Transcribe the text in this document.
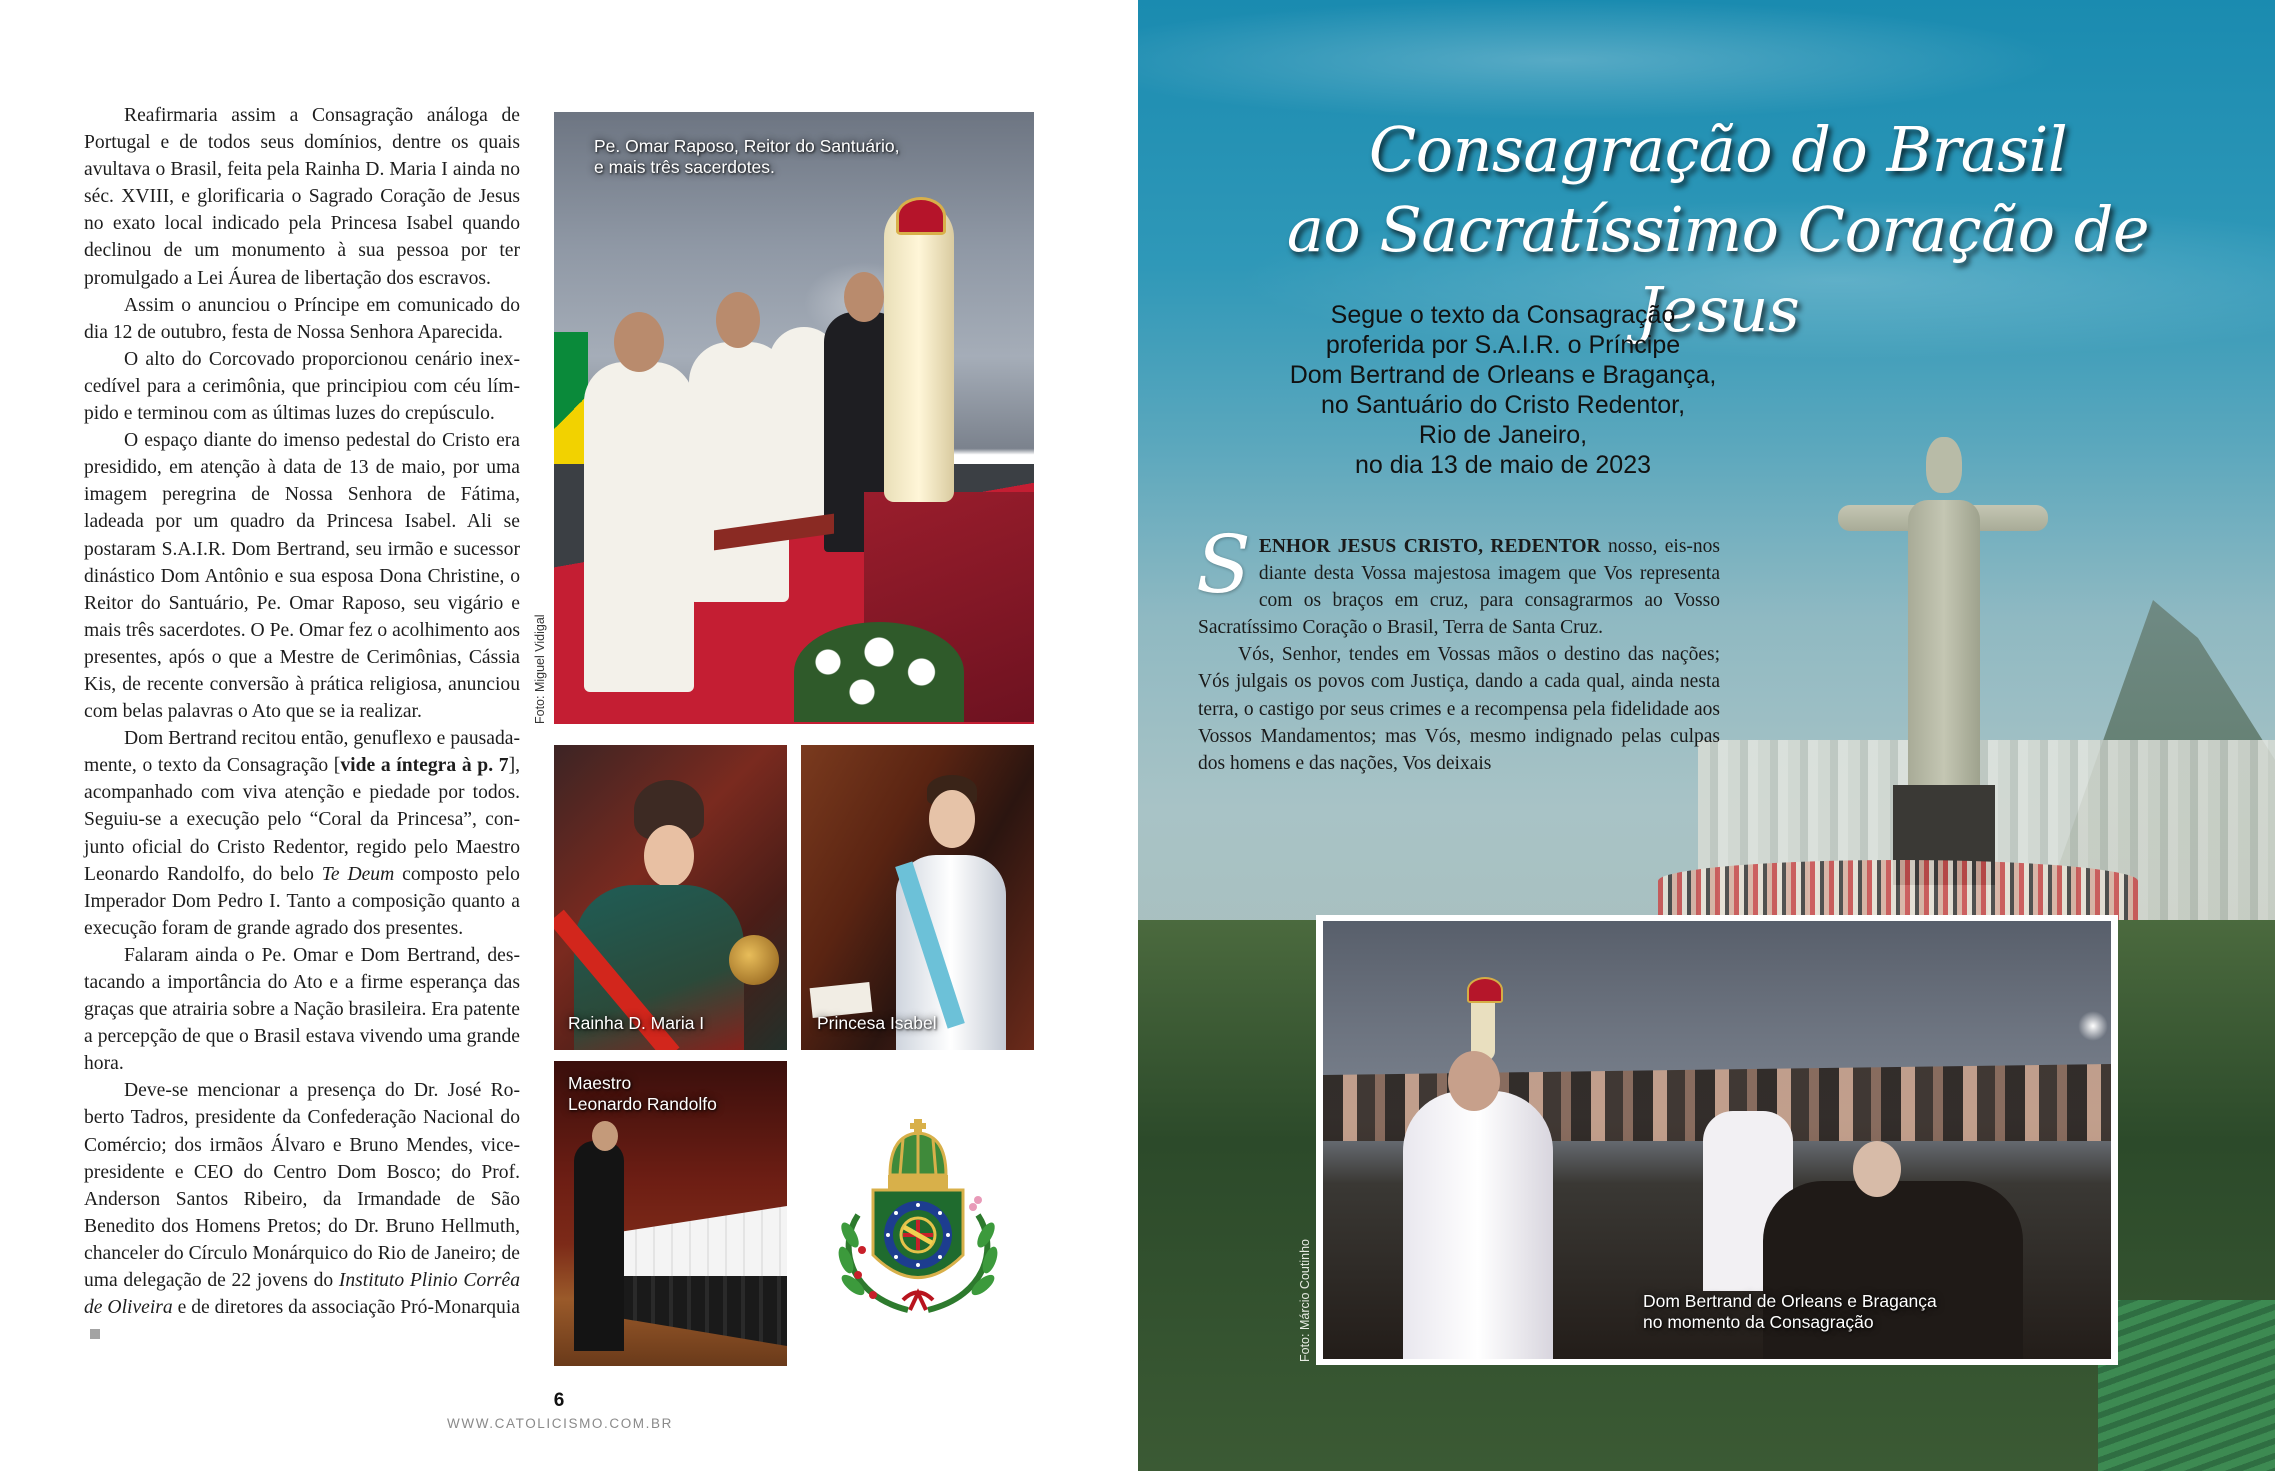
Reafirmaria assim a Consagração análoga de Portugal e de todos seus domínios, dentre os quais avultava o Brasil, feita pela Rainha D. Maria I ainda no séc. XVIII, e glorificaria o Sagrado Coração de Jesus no exato local indicado pela Princesa Isabel quando declinou de um monumento à sua pessoa por ter promulgado a Lei Áurea de libertação dos escravos.

Assim o anunciou o Príncipe em comunicado do dia 12 de outubro, festa de Nossa Senhora Aparecida.

O alto do Corcovado proporcionou cenário inexcedível para a cerimônia, que principiou com céu límpido e terminou com as últimas luzes do crepúsculo.

O espaço diante do imenso pedestal do Cristo era presidido, em atenção à data de 13 de maio, por uma imagem peregrina de Nossa Senhora de Fátima, ladeada por um quadro da Princesa Isabel. Ali se postaram S.A.I.R. Dom Bertrand, seu irmão e sucessor dinástico Dom Antônio e sua esposa Dona Christine, o Reitor do Santuário, Pe. Omar Raposo, seu vigário e mais três sacerdotes. O Pe. Omar fez o acolhimento aos presentes, após o que a Mestre de Cerimônias, Cássia Kis, de recente conversão à prática religiosa, anunciou com belas palavras o Ato que se ia realizar.

Dom Bertrand recitou então, genuflexo e pausadamente, o texto da Consagração [vide a íntegra à p. 7], acompanhado com viva atenção e piedade por todos. Seguiu-se a execução pelo “Coral da Princesa”, conjunto oficial do Cristo Redentor, regido pelo Maestro Leonardo Randolfo, do belo Te Deum composto pelo Imperador Dom Pedro I. Tanto a composição quanto a execução foram de grande agrado dos presentes.

Falaram ainda o Pe. Omar e Dom Bertrand, destacando a importância do Ato e a firme esperança das graças que atrairia sobre a Nação brasileira. Era patente a percepção de que o Brasil estava vivendo uma grande hora.

Deve-se mencionar a presença do Dr. José Roberto Tadros, presidente da Confederação Nacional do Comércio; dos irmãos Álvaro e Bruno Mendes, vice-presidente e CEO do Centro Dom Bosco; do Prof. Anderson Santos Ribeiro, da Irmandade de São Benedito dos Homens Pretos; do Dr. Bruno Hellmuth, chanceler do Círculo Monárquico do Rio de Janeiro; de uma delegação de 22 jovens do Instituto Plinio Corrêa de Oliveira e de diretores da associação Pró-Monarquia

Pe. Omar Raposo, Reitor do Santuário,
e mais três sacerdotes.
Foto: Miguel Vidigal
Rainha D. Maria I	Princesa Isabel
Maestro
Leonardo Randolfo
6
WWW.CATOLICISMO.COM.BR
Consagração do Brasil
ao Sacratíssimo Coração de Jesus
Segue o texto da Consagração
proferida por S.A.I.R. o Príncipe
Dom Bertrand de Orleans e Bragança,
no Santuário do Cristo Redentor,
Rio de Janeiro,
no dia 13 de maio de 2023

SENHOR JESUS CRISTO, REDENTOR nosso, eis-nos diante desta Vossa majestosa imagem que Vos representa com os braços em cruz, para consagrarmos ao Vosso Sacratíssimo Coração o Brasil, Terra de Santa Cruz.

Vós, Senhor, tendes em Vossas mãos o destino das nações; Vós julgais os povos com Justiça, dando a cada qual, ainda nesta terra, o castigo por seus crimes e a recompensa pela fidelidade aos Vossos Mandamentos; mas Vós, mesmo indignado pelas culpas dos homens e das nações, Vos deixais

Foto: Márcio Coutinho	Dom Bertrand de Orleans e Bragança
no momento da Consagração
